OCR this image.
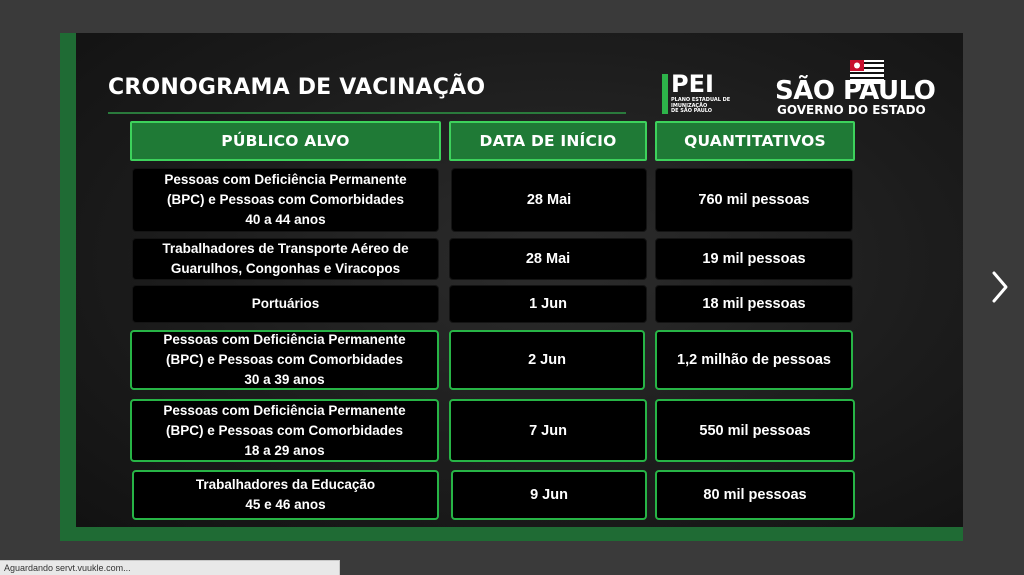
CRONOGRAMA DE VACINAÇÃO	PEI
PLANO ESTADUAL DE
IMUNIZAÇÃO
DE SÃO PAULO
SÃO PAULO
GOVERNO DO ESTADO
PÚBLICO ALVO	DATA DE INÍCIO	QUANTITATIVOS
Pessoas com Deficiência Permanente
(BPC) e Pessoas com Comorbidades
40 a 44 anos
28 Mai	760 mil pessoas
Trabalhadores de Transporte Aéreo de
Guarulhos, Congonhas e Viracopos
28 Mai	19 mil pessoas
Portuários	1 Jun	18 mil pessoas
Pessoas com Deficiência Permanente
(BPC) e Pessoas com Comorbidades
30 a 39 anos
2 Jun	1,2 milhão de pessoas
Pessoas com Deficiência Permanente
(BPC) e Pessoas com Comorbidades
18 a 29 anos
7 Jun	550 mil pessoas
Trabalhadores da Educação
45 e 46 anos
9 Jun	80 mil pessoas
Aguardando servt.vuukle.com...
